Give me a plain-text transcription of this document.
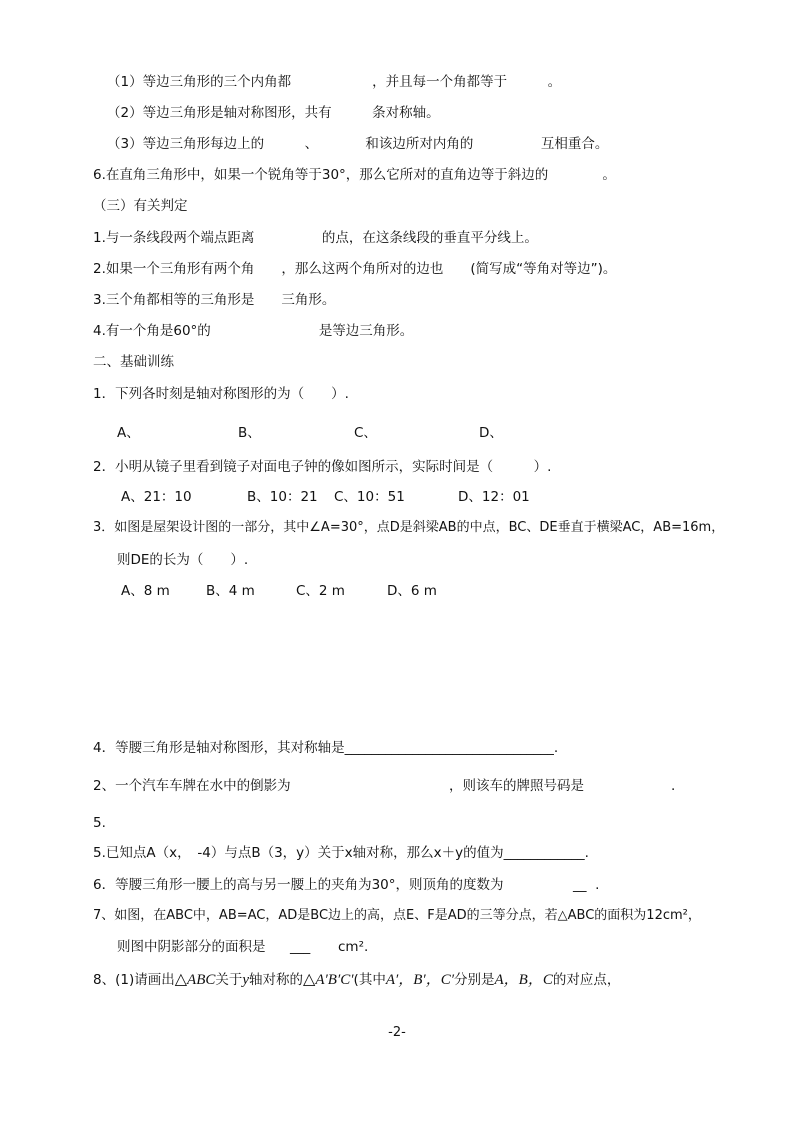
（1）等边三角形的三个内角都　　　　　　	，并且每一个角都等于　　　	。
（2）等边三角形是轴对称图形，共有　　　	条对称轴。
（3）等边三角形每边上的　　　	、　　　　	和该边所对内角的　　　　　	互相重合。
6.在直角三角形中，如果一个锐角等于30°，那么它所对的直角边等于斜边的　　　　	。
（三）有关判定
1.与一条线段两个端点距离　　　　　	的点，在这条线段的垂直平分线上。
2.如果一个三角形有两个角　　 ，那么这两个角所对的边也　　 (简写成“等角对等边”)。
3.三个角都相等的三角形是　　 三角形。
4.有一个角是60°的　　　　　　　　	是等边三角形。
二、基础训练
1．下列各时刻是轴对称图形的为（　　）.
A、	B、	C、	D、
2．小明从镜子里看到镜子对面电子钟的像如图所示，实际时间是（　　　）.
A、21：10	B、10：21 C、10：51	D、12：01
3．如图是屋架设计图的一部分，其中∠A=30°，点D是斜梁AB的中点，BC、DE垂直于横梁AC，AB=16m，
则DE的长为（　　）.
A、8 m	B、4 m	C、2 m	D、6 m
4．等腰三角形是轴对称图形，其对称轴是_______________________________.
2、一个汽车车牌在水中的倒影为	，则该车的牌照号码是	.
5.
5.已知点A（x，　-4）与点B（3，y）关于x轴对称，那么x＋y的值为____________.
6．等腰三角形一腰上的高与另一腰上的夹角为30°，则顶角的度数为	__  .
7、如图，在ABC中，AB=AC，AD是BC边上的高，点E、F是AD的三等分点，若△ABC的面积为12cm²，
则图中阴影部分的面积是 ___ cm².
8、(1)请画出△ABC关于y轴对称的△A′B′C′(其中A′，B′，C′分别是A，B，C的对应点，
-2-
